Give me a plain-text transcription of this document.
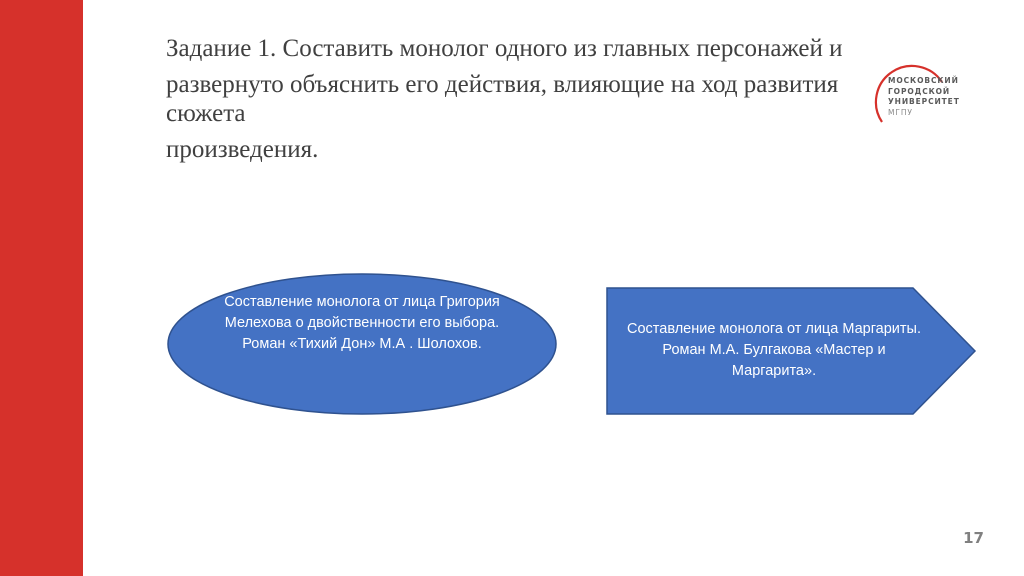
Задание 1. Составить монолог одного из главных персонажей и

развернуто объяснить его действия, влияющие на ход развития сюжета

произведения.

МОСКОВСКИЙ
ГОРОДСКОЙ
УНИВЕРСИТЕТ
МГПУ
Составление монолога от лица Григория Мелехова о двойственности его выбора. Роман «Тихий Дон» М.А . Шолохов.
Составление монолога от лица Маргариты. Роман М.А. Булгакова «Мастер и Маргарита».
17
